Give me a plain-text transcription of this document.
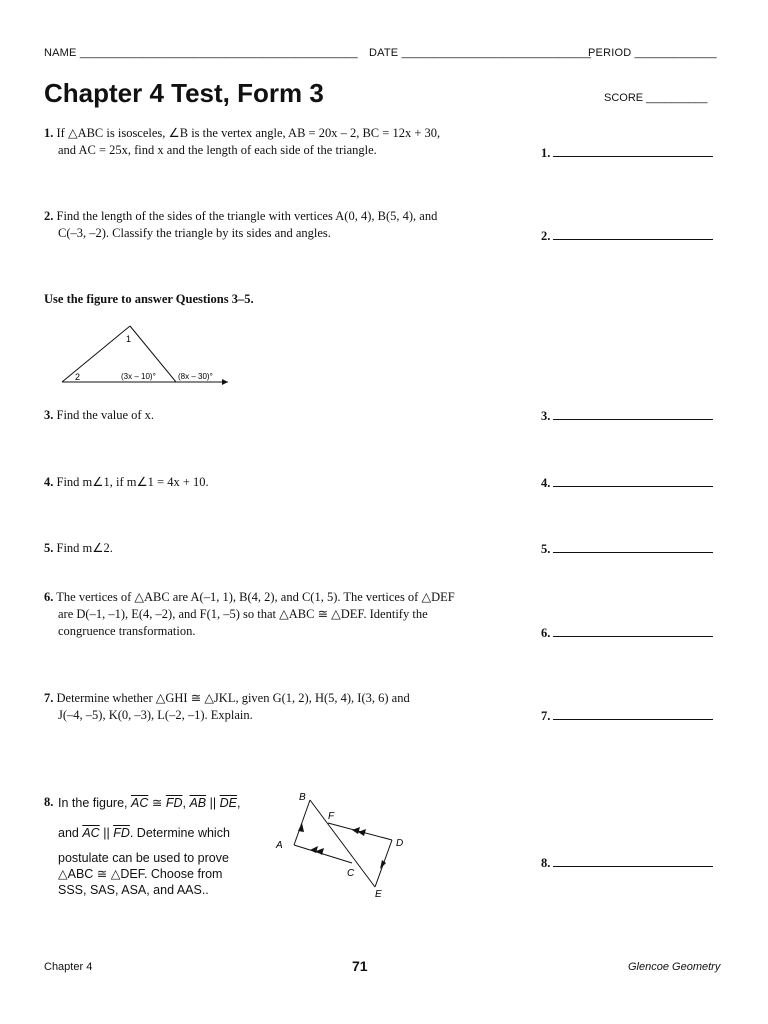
NAME ____________________________________________ DATE ______________________________
PERIOD _____________
Chapter 4 Test, Form 3	SCORE __________
1. If △ABC is isosceles, ∠B is the vertex angle, AB = 20x – 2, BC = 12x + 30,
and AC = 25x, find x and the length of each side of the triangle.	1.
2. Find the length of the sides of the triangle with vertices A(0, 4), B(5, 4), and
C(–3, –2). Classify the triangle by its sides and angles.	2.
Use the figure to answer Questions 3–5.
1
2	(3x – 10)°	(8x – 30)°
3. Find the value of x.	3.
4. Find m∠1, if m∠1 = 4x + 10.	4.
5. Find m∠2.	5.
6. The vertices of △ABC are A(–1, 1), B(4, 2), and C(1, 5). The vertices of △DEF
are D(–1, –1), E(4, –2), and F(1, –5) so that △ABC ≅ △DEF. Identify the
congruence transformation.	6.
7. Determine whether △GHI ≅ △JKL, given G(1, 2), H(5, 4), I(3, 6) and
J(–4, –5), K(0, –3), L(–2, –1). Explain.	7.
8. In the figure, $\overline{AC}$ ≅ $\overline{FD}$, $\overline{AB}$ || $\overline{DE}$,
and $\overline{AC}$ || $\overline{FD}$. Determine which
postulate can be used to prove
△ABC ≅ △DEF. Choose from
SSS, SAS, ASA, and AAS..
B
F
A
C
D
E
8.
Chapter 4	71	Glencoe Geometry
